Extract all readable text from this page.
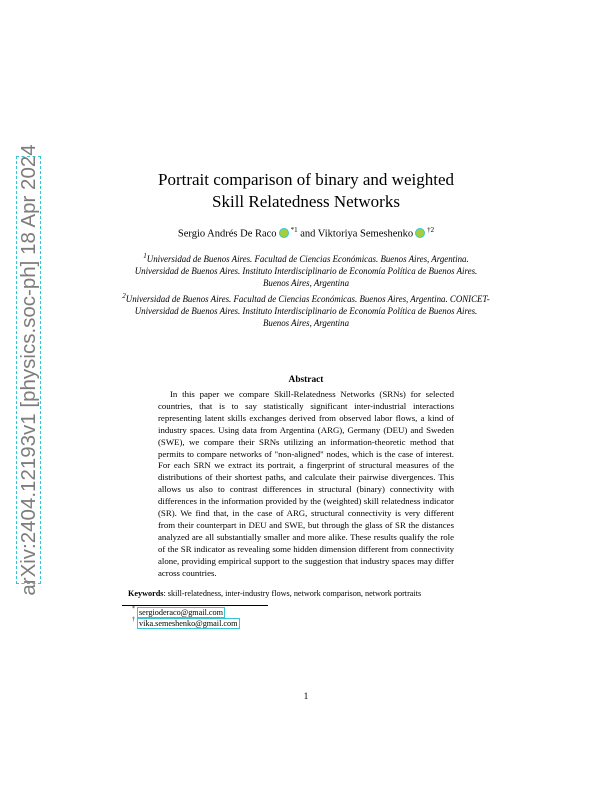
arXiv:2404.12193v1 [physics.soc-ph] 18 Apr 2024	Portrait comparison of binary and weighted
Skill Relatedness Networks
Sergio Andrés De Raco $^{*1}$ and Viktoriya Semeshenko $^{\dagger 2}$
$^1$Universidad de Buenos Aires. Facultad de Ciencias Económicas. Buenos Aires, Argentina. Universidad de Buenos Aires. Instituto Interdisciplinario de Economía Política de Buenos Aires. Buenos Aires, Argentina
$^2$Universidad de Buenos Aires. Facultad de Ciencias Económicas. Buenos Aires, Argentina. CONICET-Universidad de Buenos Aires. Instituto Interdisciplinario de Economía Política de Buenos Aires. Buenos Aires, Argentina
Abstract
In this paper we compare Skill-Relatedness Networks (SRNs) for selected countries, that is to say statistically significant inter-industrial interactions representing latent skills exchanges derived from observed labor flows, a kind of industry spaces. Using data from Argentina (ARG), Germany (DEU) and Sweden (SWE), we compare their SRNs utilizing an information-theoretic method that permits to compare networks of "non-aligned" nodes, which is the case of interest. For each SRN we extract its portrait, a fingerprint of structural measures of the distributions of their shortest paths, and calculate their pairwise divergences. This allows us also to contrast differences in structural (binary) connectivity with differences in the information provided by the (weighted) skill relatedness indicator (SR). We find that, in the case of ARG, structural connectivity is very different from their counterpart in DEU and SWE, but through the glass of SR the distances analyzed are all substantially smaller and more alike. These results qualify the role of the SR indicator as revealing some hidden dimension different from connectivity alone, providing empirical support to the suggestion that industry spaces may differ across countries.
Keywords: skill-relatedness, inter-industry flows, network comparison, network portraits
* sergioderaco@gmail.com
† vika.semeshenko@gmail.com
1
